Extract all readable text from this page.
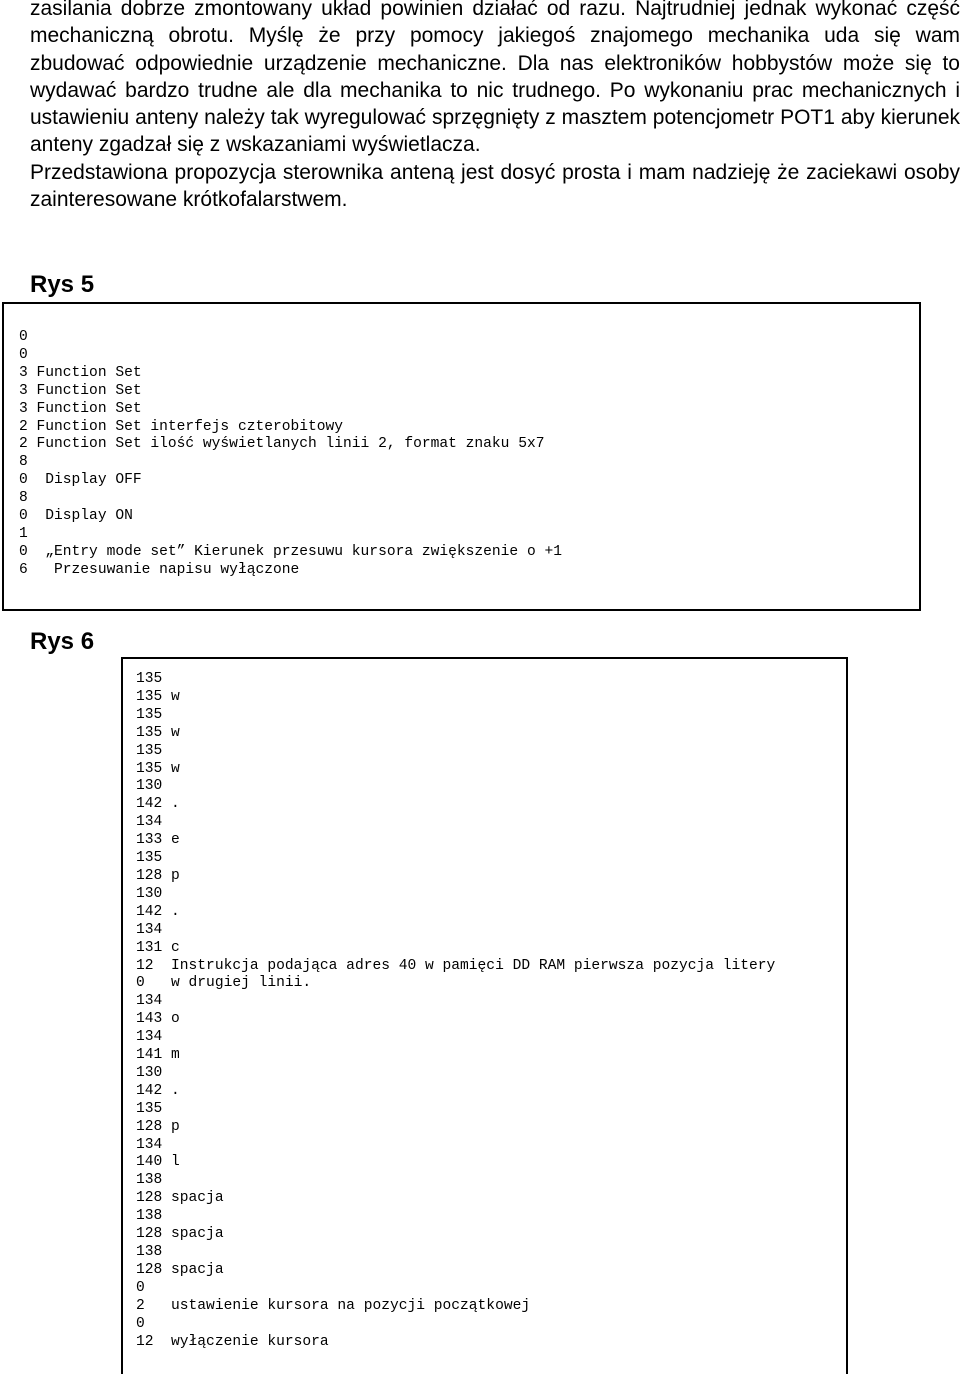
zasilania dobrze zmontowany układ powinien działać od razu. Najtrudniej jednak wykonać część mechaniczną obrotu. Myślę że przy pomocy jakiegoś znajomego mechanika uda się wam zbudować odpowiednie urządzenie mechaniczne. Dla nas elektroników hobbystów może się to wydawać bardzo trudne ale dla mechanika to nic trudnego. Po wykonaniu prac mechanicznych i ustawieniu anteny należy tak wyregulować sprzęgnięty z masztem potencjometr POT1 aby kierunek anteny zgadzał się z wskazaniami wyświetlacza.

Przedstawiona propozycja sterownika anteną jest dosyć prosta i mam nadzieję że zaciekawi osoby zainteresowane krótkofalarstwem.

Rys 5
0
0
3 Function Set
3 Function Set
3 Function Set
2 Function Set interfejs czterobitowy
2 Function Set ilość wyświetlanych linii 2, format znaku 5x7
8
0  Display OFF
8
0  Display ON
1
0  „Entry mode set” Kierunek przesuwu kursora zwiększenie o +1
6   Przesuwanie napisu wyłączone
Rys 6
135
135 w
135
135 w
135
135 w
130
142 .
134
133 e
135
128 p
130
142 .
134
131 c
12  Instrukcja podająca adres 40 w pamięci DD RAM pierwsza pozycja litery
0   w drugiej linii.
134
143 o
134
141 m
130
142 .
135
128 p
134
140 l
138
128 spacja
138
128 spacja
138
128 spacja
0
2   ustawienie kursora na pozycji początkowej
0
12  wyłączenie kursora
